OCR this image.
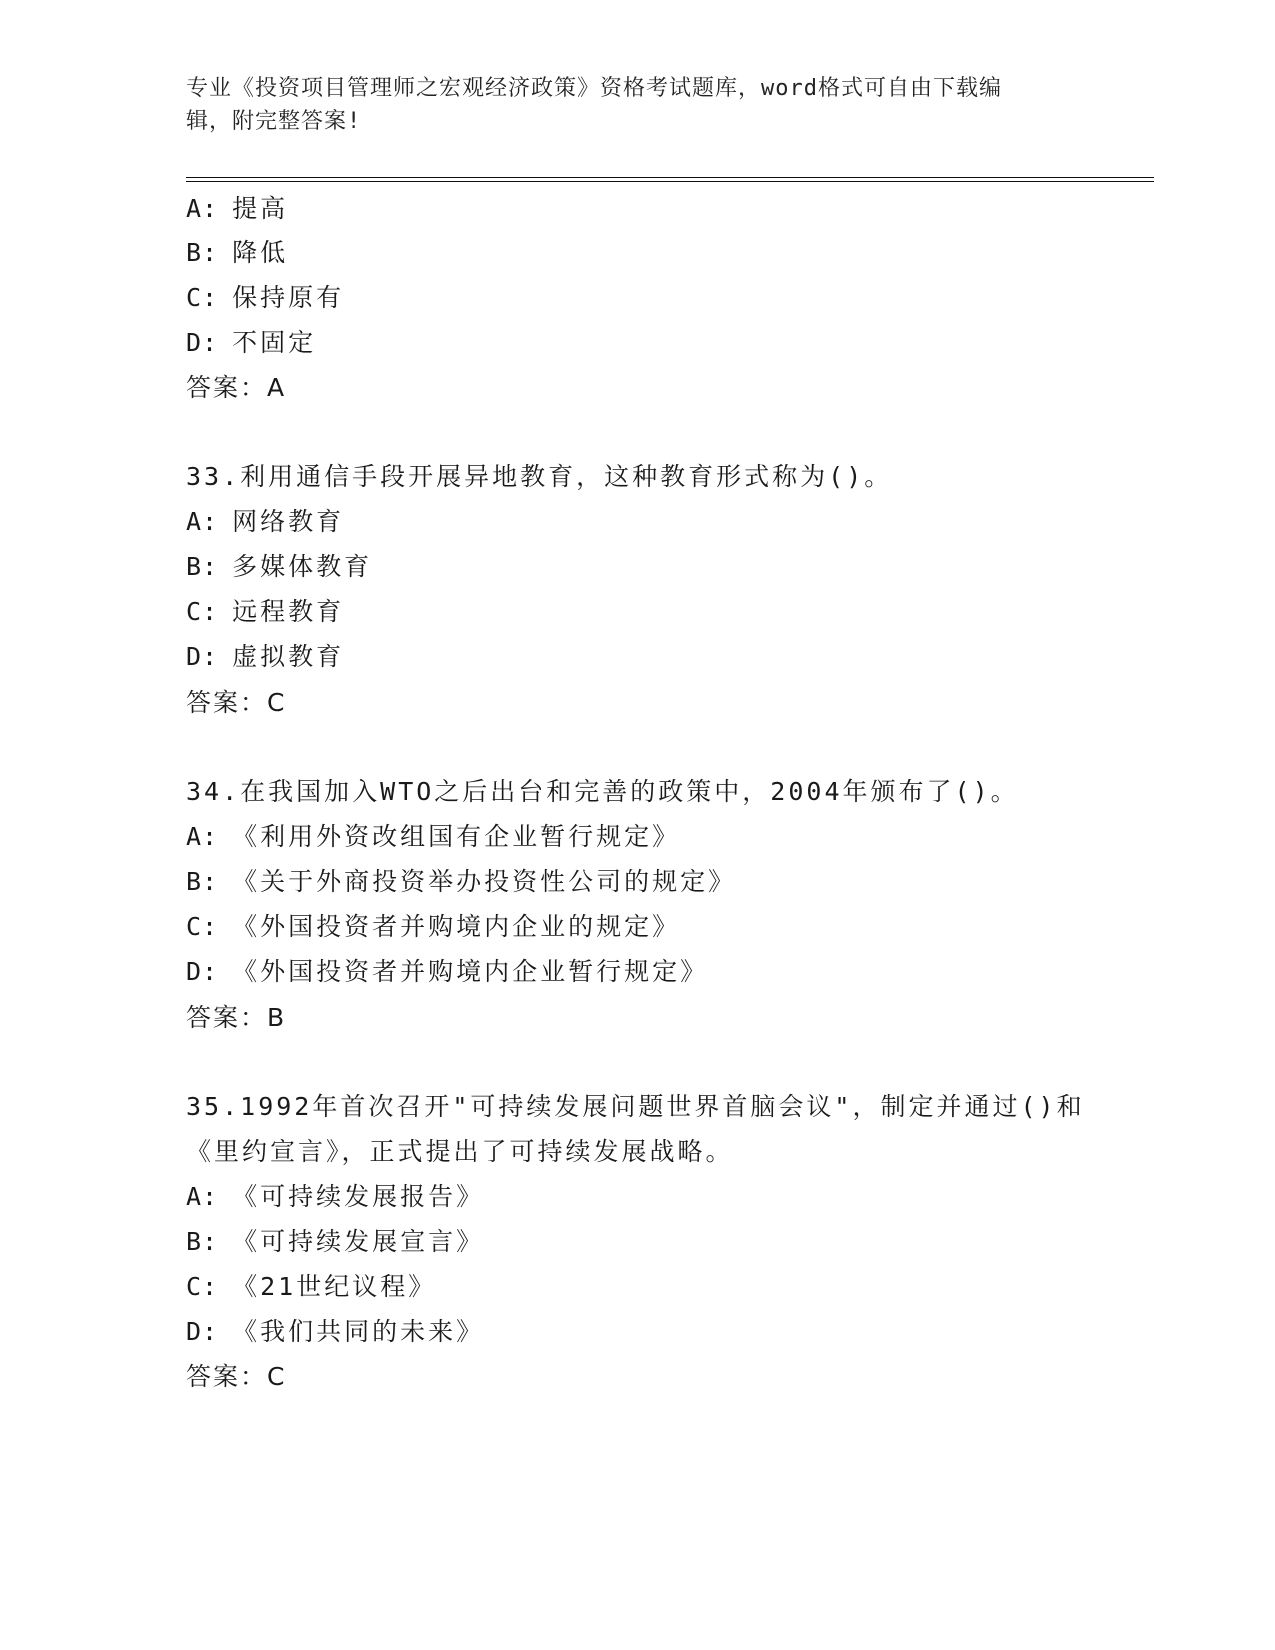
专业《投资项目管理师之宏观经济政策》资格考试题库，word格式可自由下载编
辑，附完整答案!
A: 提高
B: 降低
C: 保持原有
D: 不固定
答案：A
33.利用通信手段开展异地教育，这种教育形式称为()。
A: 网络教育
B: 多媒体教育
C: 远程教育
D: 虚拟教育
答案：C
34.在我国加入WTO之后出台和完善的政策中，2004年颁布了()。
A: 《利用外资改组国有企业暂行规定》
B: 《关于外商投资举办投资性公司的规定》
C: 《外国投资者并购境内企业的规定》
D: 《外国投资者并购境内企业暂行规定》
答案：B
35.1992年首次召开"可持续发展问题世界首脑会议"，制定并通过()和
《里约宣言》，正式提出了可持续发展战略。
A: 《可持续发展报告》
B: 《可持续发展宣言》
C: 《21世纪议程》
D: 《我们共同的未来》
答案：C
